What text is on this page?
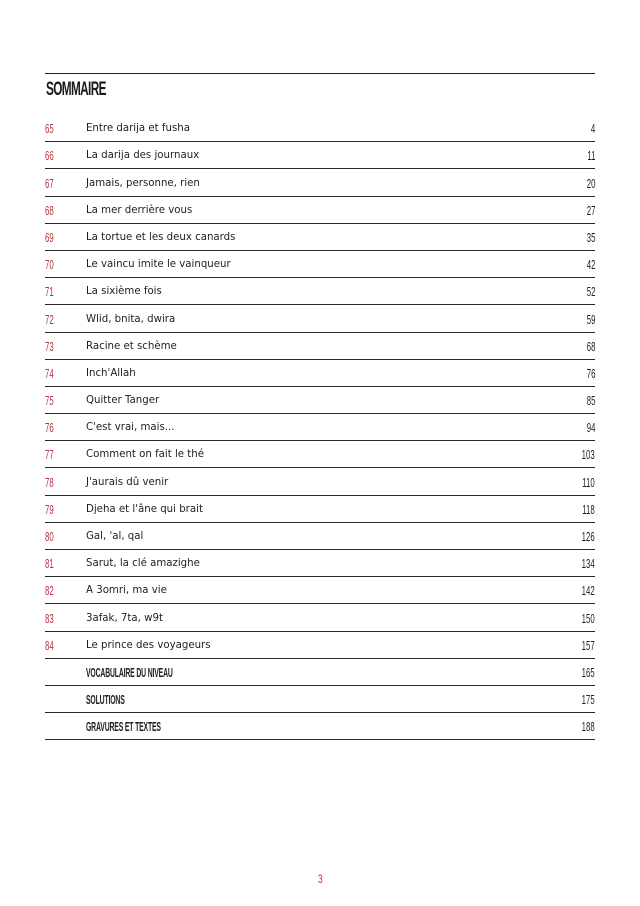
SOMMAIRE
65	Entre darija et fusha	4
66	La darija des journaux	11
67	Jamais, personne, rien	20
68	La mer derrière vous	27
69	La tortue et les deux canards	35
70	Le vaincu imite le vainqueur	42
71	La sixième fois	52
72	Wlid, bnita, dwira	59
73	Racine et schème	68
74	Inch'Allah	76
75	Quitter Tanger	85
76	C'est vrai, mais...	94
77	Comment on fait le thé	103
78	J'aurais dû venir	110
79	Djeha et l'âne qui brait	118
80	Gal, 'al, qal	126
81	Sarut, la clé amazighe	134
82	A 3omri, ma vie	142
83	3afak, 7ta, w9t	150
84	Le prince des voyageurs	157
VOCABULAIRE DU NIVEAU	165
SOLUTIONS	175
GRAVURES ET TEXTES	188
3
